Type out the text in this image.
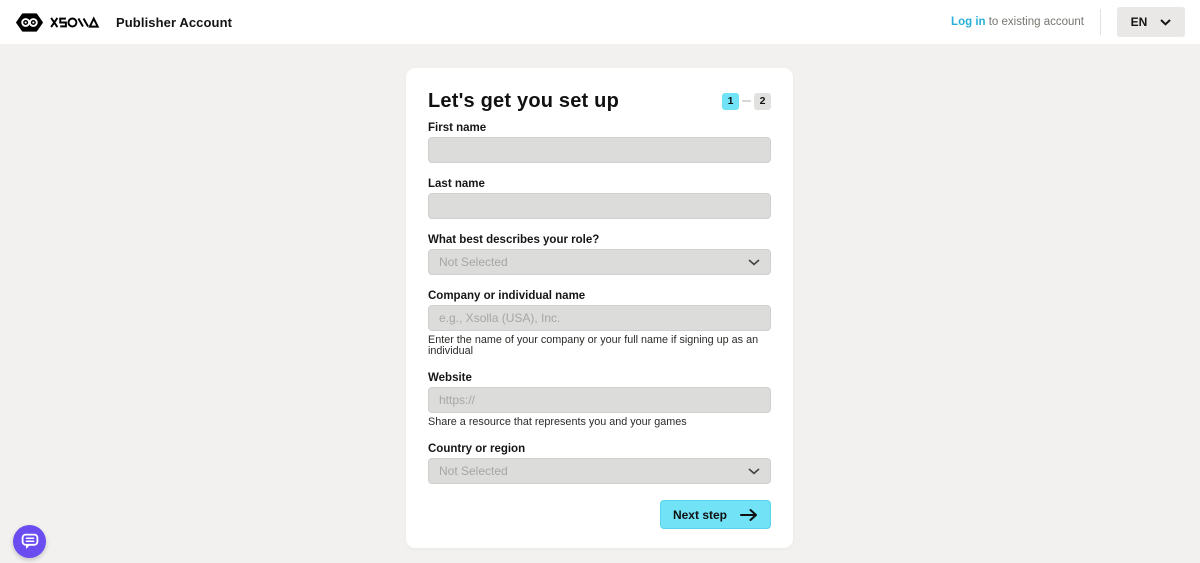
Publisher Account	Log in to existing account	EN
Let's get you set up	1	2
First name
Last name
What best describes your role?
Not Selected
Company or individual name
e.g., Xsolla (USA), Inc.
Enter the name of your company or your full name if signing up as an individual
Website
https://
Share a resource that represents you and your games
Country or region
Not Selected
Next step
